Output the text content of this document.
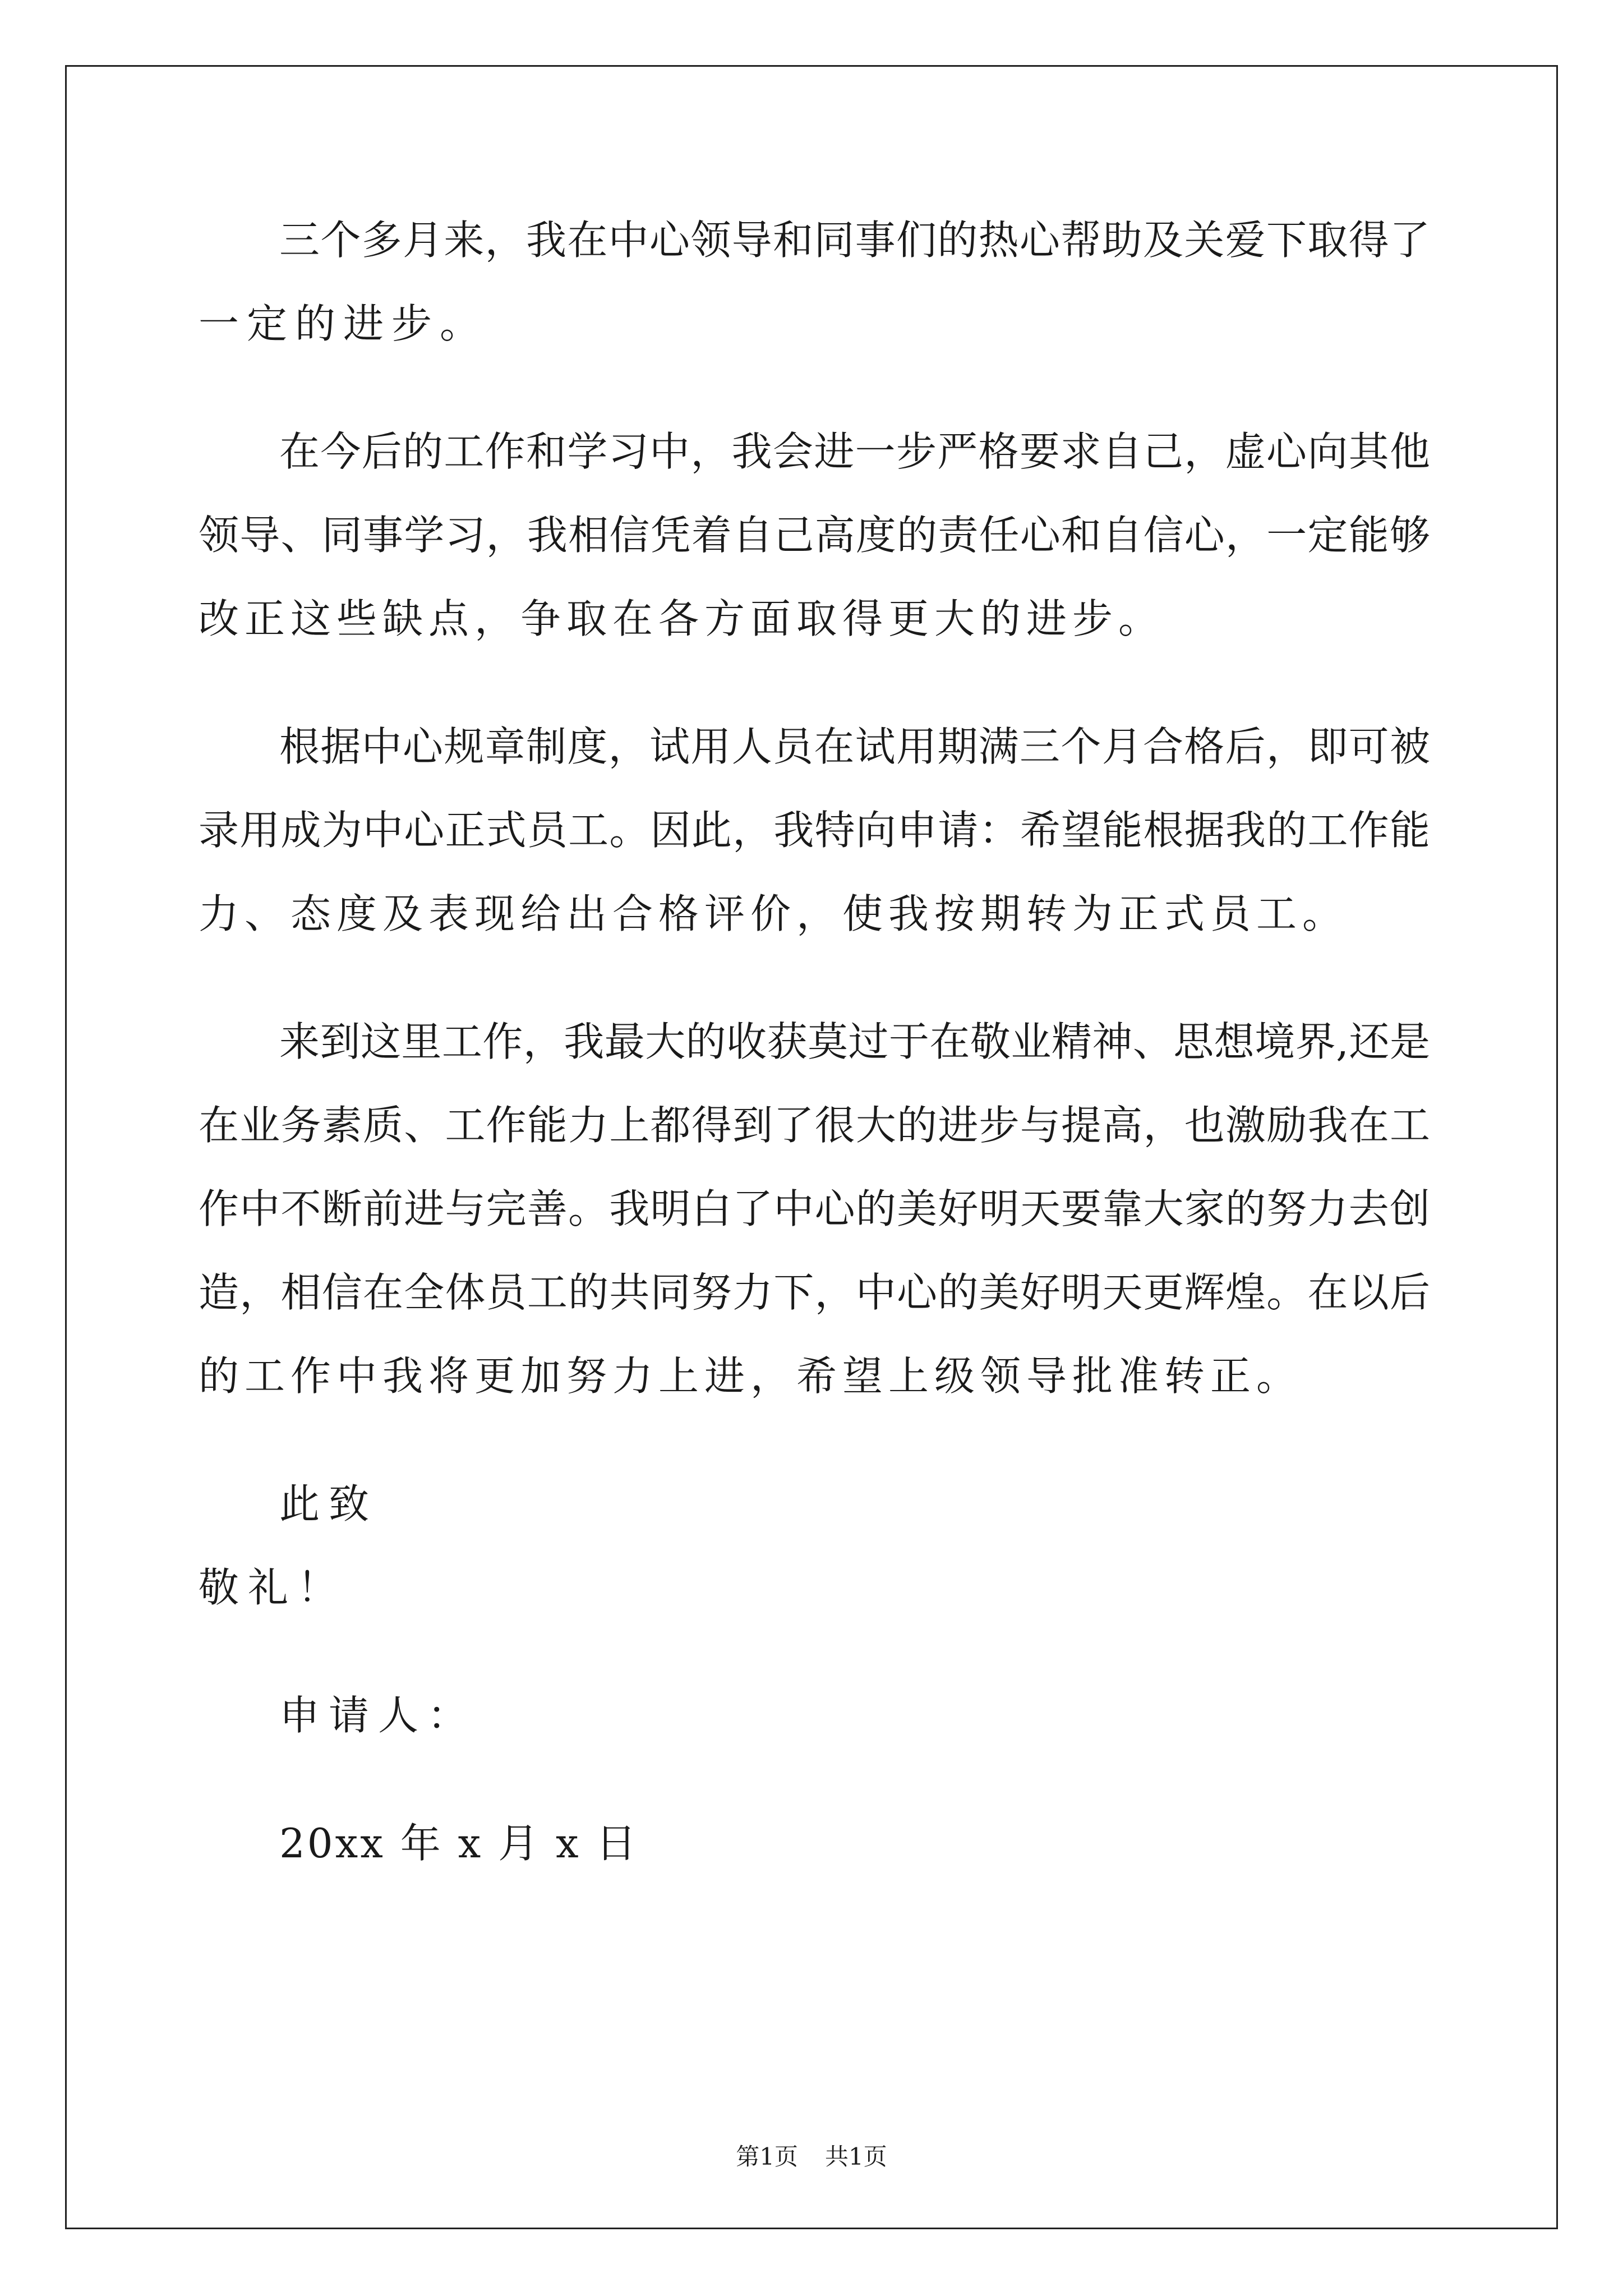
三个多月来，我在中心领导和同事们的热心帮助及关爱下取得了
一定的进步。
在今后的工作和学习中，我会进一步严格要求自己，虚心向其他
领导、同事学习，我相信凭着自己高度的责任心和自信心，一定能够
改正这些缺点，争取在各方面取得更大的进步。
根据中心规章制度，试用人员在试用期满三个月合格后，即可被
录用成为中心正式员工。因此，我特向申请：希望能根据我的工作能
力、态度及表现给出合格评价，使我按期转为正式员工。
来到这里工作，我最大的收获莫过于在敬业精神、思想境界,还是
在业务素质、工作能力上都得到了很大的进步与提高，也激励我在工
作中不断前进与完善。我明白了中心的美好明天要靠大家的努力去创
造，相信在全体员工的共同努力下，中心的美好明天更辉煌。在以后
的工作中我将更加努力上进，希望上级领导批准转正。
此致
敬礼！
申请人：
20xx 年 x 月 x 日
第1页 共1页
